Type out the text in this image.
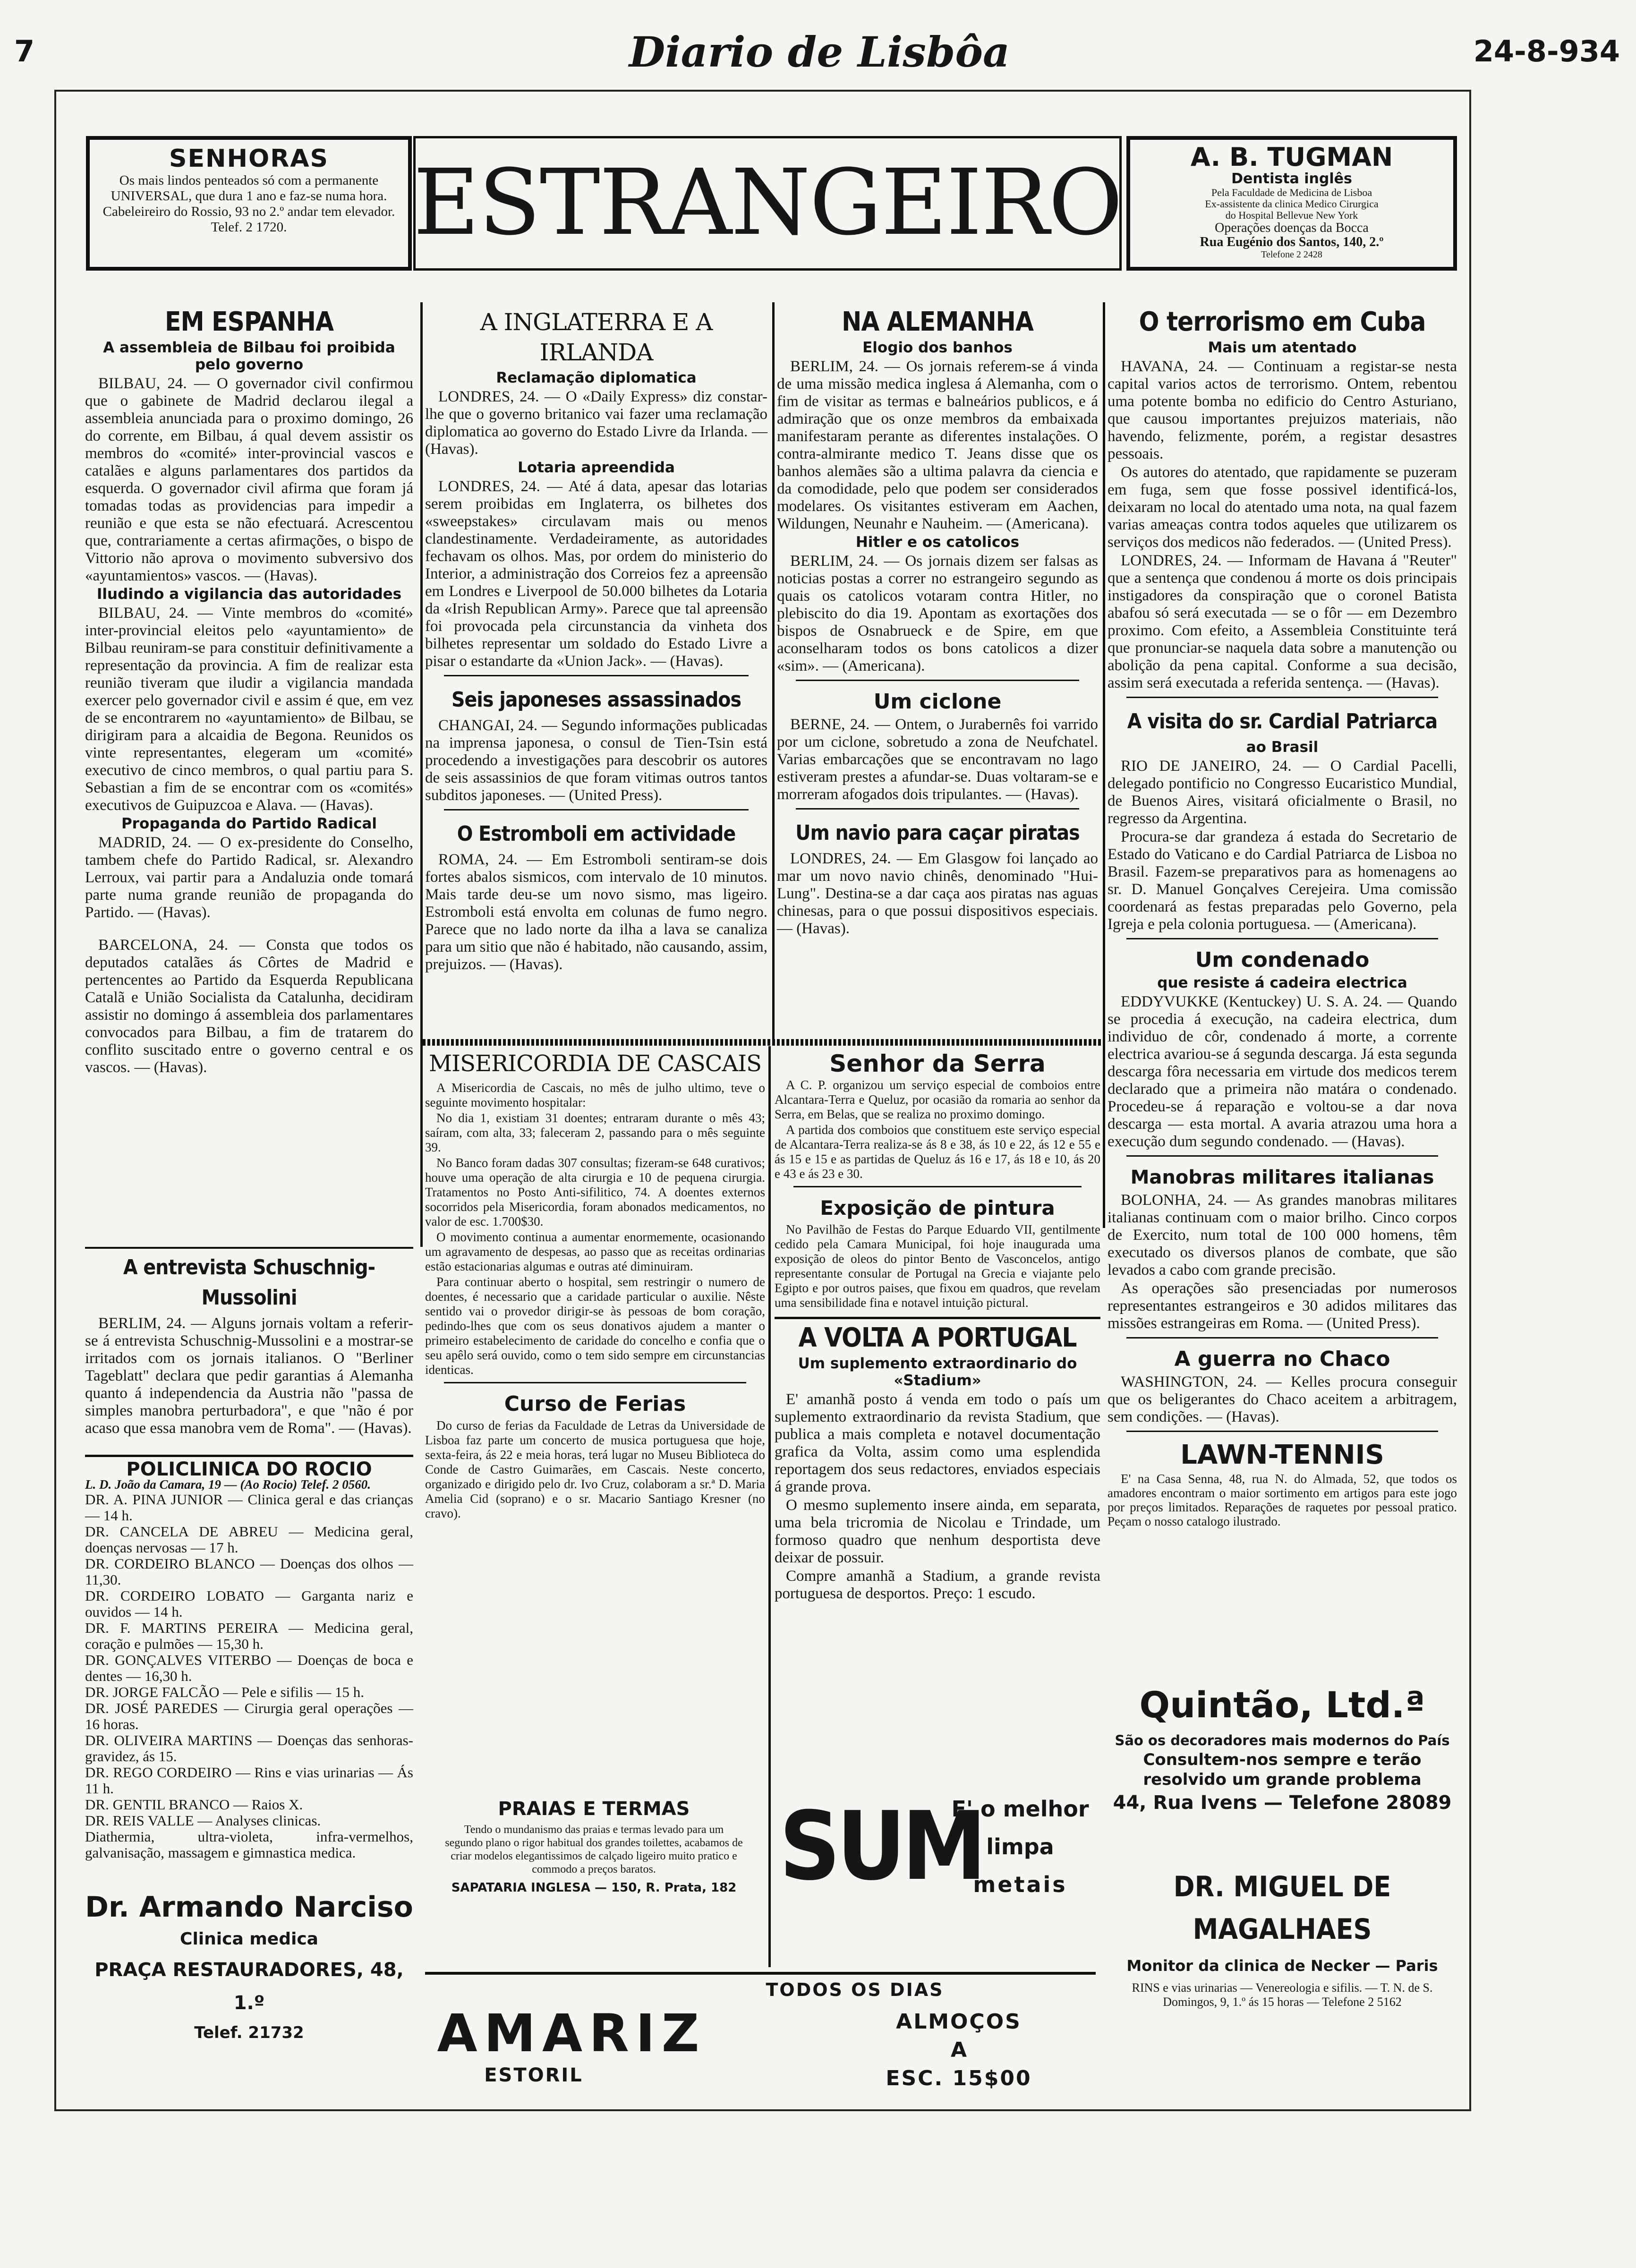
7	Diario de Lisbôa	24-8-934
SENHORAS
Os mais lindos penteados só com a permanente UNIVERSAL, que dura 1 ano e faz-se numa hora. Cabeleireiro do Rossio, 93 no 2.º andar tem elevador. Telef. 2 1720.	ESTRANGEIRO	A. B. TUGMAN
Dentista inglês
Pela Faculdade de Medicina de Lisboa
Ex-assistente da clinica Medico Cirurgica
do Hospital Bellevue New York
Operações doenças da Bocca
Rua Eugénio dos Santos, 140, 2.º
Telefone 2 2428
EM ESPANHA
A assembleia de Bilbau foi proibida pelo governo

BILBAU, 24. — O governador civil confirmou que o gabinete de Madrid declarou ilegal a assembleia anunciada para o proximo domingo, 26 do corrente, em Bilbau, á qual devem assistir os membros do «comité» inter-provincial vascos e catalães e alguns parlamentares dos partidos da esquerda. O governador civil afirma que foram já tomadas todas as providencias para impedir a reunião e que esta se não efectuará. Acrescentou que, contrariamente a certas afirmações, o bispo de Vittorio não aprova o movimento subversivo dos «ayuntamientos» vascos. — (Havas).

Iludindo a vigilancia das autoridades

BILBAU, 24. — Vinte membros do «comité» inter-provincial eleitos pelo «ayuntamiento» de Bilbau reuniram-se para constituir definitivamente a representação da provincia. A fim de realizar esta reunião tiveram que iludir a vigilancia mandada exercer pelo governador civil e assim é que, em vez de se encontrarem no «ayuntamiento» de Bilbau, se dirigiram para a alcaidia de Begona. Reunidos os vinte representantes, elegeram um «comité» executivo de cinco membros, o qual partiu para S. Sebastian a fim de se encontrar com os «comités» executivos de Guipuzcoa e Alava. — (Havas).

Propaganda do Partido Radical

MADRID, 24. — O ex-presidente do Conselho, tambem chefe do Partido Radical, sr. Alexandro Lerroux, vai partir para a Andaluzia onde tomará parte numa grande reunião de propaganda do Partido. — (Havas).

BARCELONA, 24. — Consta que todos os deputados catalães ás Côrtes de Madrid e pertencentes ao Partido da Esquerda Republicana Catalã e União Socialista da Catalunha, decidiram assistir no domingo á assembleia dos parlamentares convocados para Bilbau, a fim de tratarem do conflito suscitado entre o governo central e os vascos. — (Havas).

A entrevista Schuschnig-Mussolini

BERLIM, 24. — Alguns jornais voltam a referir-se á entrevista Schuschnig-Mussolini e a mostrar-se irritados com os jornais italianos. O "Berliner Tageblatt" declara que pedir garantias á Alemanha quanto á independencia da Austria não "passa de simples manobra perturbadora", e que "não é por acaso que essa manobra vem de Roma". — (Havas).

POLICLINICA DO ROCIO
L. D. João da Camara, 19 — (Ao Rocio) Telef. 2 0560.
DR. A. PINA JUNIOR — Clinica geral e das crianças — 14 h.
DR. CANCELA DE ABREU — Medicina geral, doenças nervosas — 17 h.
DR. CORDEIRO BLANCO — Doenças dos olhos — 11,30.
DR. CORDEIRO LOBATO — Garganta nariz e ouvidos — 14 h.
DR. F. MARTINS PEREIRA — Medicina geral, coração e pulmões — 15,30 h.
DR. GONÇALVES VITERBO — Doenças de boca e dentes — 16,30 h.
DR. JORGE FALCÃO — Pele e sifilis — 15 h.
DR. JOSÉ PAREDES — Cirurgia geral operações — 16 horas.
DR. OLIVEIRA MARTINS — Doenças das senhoras-gravidez, ás 15.
DR. REGO CORDEIRO — Rins e vias urinarias — Ás 11 h.
DR. GENTIL BRANCO — Raios X.
DR. REIS VALLE — Analyses clinicas.
Diathermia, ultra-violeta, infra-vermelhos, galvanisação, massagem e gimnastica medica.
Dr. Armando Narciso
Clinica medica
PRAÇA RESTAURADORES, 48, 1.º
Telef. 21732
A INGLATERRA E A IRLANDA
Reclamação diplomatica

LONDRES, 24. — O «Daily Express» diz constar-lhe que o governo britanico vai fazer uma reclamação diplomatica ao governo do Estado Livre da Irlanda. — (Havas).

Lotaria apreendida

LONDRES, 24. — Até á data, apesar das lotarias serem proibidas em Inglaterra, os bilhetes dos «sweepstakes» circulavam mais ou menos clandestinamente. Verdadeiramente, as autoridades fechavam os olhos. Mas, por ordem do ministerio do Interior, a administração dos Correios fez a apreensão em Londres e Liverpool de 50.000 bilhetes da Lotaria da «Irish Republican Army». Parece que tal apreensão foi provocada pela circunstancia da vinheta dos bilhetes representar um soldado do Estado Livre a pisar o estandarte da «Union Jack». — (Havas).

Seis japoneses assassinados

CHANGAI, 24. — Segundo informações publicadas na imprensa japonesa, o consul de Tien-Tsin está procedendo a investigações para descobrir os autores de seis assassinios de que foram vitimas outros tantos subditos japoneses. — (United Press).

O Estromboli em actividade

ROMA, 24. — Em Estromboli sentiram-se dois fortes abalos sismicos, com intervalo de 10 minutos. Mais tarde deu-se um novo sismo, mas ligeiro. Estromboli está envolta em colunas de fumo negro. Parece que no lado norte da ilha a lava se canaliza para um sitio que não é habitado, não causando, assim, prejuizos. — (Havas).

NA ALEMANHA
Elogio dos banhos

BERLIM, 24. — Os jornais referem-se á vinda de uma missão medica inglesa á Alemanha, com o fim de visitar as termas e balneários publicos, e á admiração que os onze membros da embaixada manifestaram perante as diferentes instalações. O contra-almirante medico T. Jeans disse que os banhos alemães são a ultima palavra da ciencia e da comodidade, pelo que podem ser considerados modelares. Os visitantes estiveram em Aachen, Wildungen, Neunahr e Nauheim. — (Americana).

Hitler e os catolicos

BERLIM, 24. — Os jornais dizem ser falsas as noticias postas a correr no estrangeiro segundo as quais os catolicos votaram contra Hitler, no plebiscito do dia 19. Apontam as exortações dos bispos de Osnabrueck e de Spire, em que aconselharam todos os bons catolicos a dizer «sim». — (Americana).

Um ciclone

BERNE, 24. — Ontem, o Jurabernês foi varrido por um ciclone, sobretudo a zona de Neufchatel. Varias embarcações que se encontravam no lago estiveram prestes a afundar-se. Duas voltaram-se e morreram afogados dois tripulantes. — (Havas).

Um navio para caçar piratas

LONDRES, 24. — Em Glasgow foi lançado ao mar um novo navio chinês, denominado "Hui-Lung". Destina-se a dar caça aos piratas nas aguas chinesas, para o que possui dispositivos especiais. — (Havas).

O terrorismo em Cuba
Mais um atentado

HAVANA, 24. — Continuam a registar-se nesta capital varios actos de terrorismo. Ontem, rebentou uma potente bomba no edificio do Centro Asturiano, que causou importantes prejuizos materiais, não havendo, felizmente, porém, a registar desastres pessoais.

Os autores do atentado, que rapidamente se puzeram em fuga, sem que fosse possivel identificá-los, deixaram no local do atentado uma nota, na qual fazem varias ameaças contra todos aqueles que utilizarem os serviços dos medicos não federados. — (United Press).

LONDRES, 24. — Informam de Havana á "Reuter" que a sentença que condenou á morte os dois principais instigadores da conspiração que o coronel Batista abafou só será executada — se o fôr — em Dezembro proximo. Com efeito, a Assembleia Constituinte terá que pronunciar-se naquela data sobre a manutenção ou abolição da pena capital. Conforme a sua decisão, assim será executada a referida sentença. — (Havas).

A visita do sr. Cardial Patriarca
ao Brasil

RIO DE JANEIRO, 24. — O Cardial Pacelli, delegado pontificio no Congresso Eucaristico Mundial, de Buenos Aires, visitará oficialmente o Brasil, no regresso da Argentina.

Procura-se dar grandeza á estada do Secretario de Estado do Vaticano e do Cardial Patriarca de Lisboa no Brasil. Fazem-se preparativos para as homenagens ao sr. D. Manuel Gonçalves Cerejeira. Uma comissão coordenará as festas preparadas pelo Governo, pela Igreja e pela colonia portuguesa. — (Americana).

Um condenado
que resiste á cadeira electrica

EDDYVUKKE (Kentuckey) U. S. A. 24. — Quando se procedia á execução, na cadeira electrica, dum individuo de côr, condenado á morte, a corrente electrica avariou-se á segunda descarga. Já esta segunda descarga fôra necessaria em virtude dos medicos terem declarado que a primeira não matára o condenado. Procedeu-se á reparação e voltou-se a dar nova descarga — esta mortal. A avaria atrazou uma hora a execução dum segundo condenado. — (Havas).

Manobras militares italianas

BOLONHA, 24. — As grandes manobras militares italianas continuam com o maior brilho. Cinco corpos de Exercito, num total de 100 000 homens, têm executado os diversos planos de combate, que são levados a cabo com grande precisão.

As operações são presenciadas por numerosos representantes estrangeiros e 30 adidos militares das missões estrangeiras em Roma. — (United Press).

A guerra no Chaco

WASHINGTON, 24. — Kelles procura conseguir que os beligerantes do Chaco aceitem a arbitragem, sem condições. — (Havas).

LAWN-TENNIS

E' na Casa Senna, 48, rua N. do Almada, 52, que todos os amadores encontram o maior sortimento em artigos para este jogo por preços limitados. Reparações de raquetes por pessoal pratico. Peçam o nosso catalogo ilustrado.

MISERICORDIA DE CASCAIS

A Misericordia de Cascais, no mês de julho ultimo, teve o seguinte movimento hospitalar:

No dia 1, existiam 31 doentes; entraram durante o mês 43; saíram, com alta, 33; faleceram 2, passando para o mês seguinte 39.

No Banco foram dadas 307 consultas; fizeram-se 648 curativos; houve uma operação de alta cirurgia e 10 de pequena cirurgia. Tratamentos no Posto Anti-sifilitico, 74. A doentes externos socorridos pela Misericordia, foram abonados medicamentos, no valor de esc. 1.700$30.

O movimento continua a aumentar enormemente, ocasionando um agravamento de despesas, ao passo que as receitas ordinarias estão estacionarias algumas e outras até diminuiram.

Para continuar aberto o hospital, sem restringir o numero de doentes, é necessario que a caridade particular o auxilie. Nêste sentido vai o provedor dirigir-se às pessoas de bom coração, pedindo-lhes que com os seus donativos ajudem a manter o primeiro estabelecimento de caridade do concelho e confia que o seu apêlo será ouvido, como o tem sido sempre em circunstancias identicas.

Curso de Ferias

Do curso de ferias da Faculdade de Letras da Universidade de Lisboa faz parte um concerto de musica portuguesa que hoje, sexta-feira, ás 22 e meia horas, terá lugar no Museu Biblioteca do Conde de Castro Guimarães, em Cascais. Neste concerto, organizado e dirigido pelo dr. Ivo Cruz, colaboram a sr.ª D. Maria Amelia Cid (soprano) e o sr. Macario Santiago Kresner (no cravo).

Senhor da Serra

A C. P. organizou um serviço especial de comboios entre Alcantara-Terra e Queluz, por ocasião da romaria ao senhor da Serra, em Belas, que se realiza no proximo domingo.

A partida dos comboios que constituem este serviço especial de Alcantara-Terra realiza-se ás 8 e 38, ás 10 e 22, ás 12 e 55 e ás 15 e 15 e as partidas de Queluz ás 16 e 17, ás 18 e 10, ás 20 e 43 e ás 23 e 30.

Exposição de pintura

No Pavilhão de Festas do Parque Eduardo VII, gentilmente cedido pela Camara Municipal, foi hoje inaugurada uma exposição de oleos do pintor Bento de Vasconcelos, antigo representante consular de Portugal na Grecia e viajante pelo Egipto e por outros paises, que fixou em quadros, que revelam uma sensibilidade fina e notavel intuição pictural.

A VOLTA A PORTUGAL
Um suplemento extraordinario do «Stadium»

E' amanhã posto á venda em todo o país um suplemento extraordinario da revista Stadium, que publica a mais completa e notavel documentação grafica da Volta, assim como uma esplendida reportagem dos seus redactores, enviados especiais á grande prova.

O mesmo suplemento insere ainda, em separata, uma bela tricromia de Nicolau e Trindade, um formoso quadro que nenhum desportista deve deixar de possuir.

Compre amanhã a Stadium, a grande revista portuguesa de desportos. Preço: 1 escudo.

PRAIAS E TERMAS
Tendo o mundanismo das praias e termas levado para um segundo plano o rigor habitual dos grandes toilettes, acabamos de criar modelos elegantissimos de calçado ligeiro muito pratico e commodo a preços baratos.
SAPATARIA INGLESA — 150, R. Prata, 182 SUM
E' o melhor
limpa
metais
TODOS OS DIAS
AMARIZ
ESTORIL
ALMOÇOS
A
ESC. 15$00
Quintão, Ltd.ª
São os decoradores mais modernos do País
Consultem-nos sempre e terão resolvido um grande problema
44, Rua Ivens — Telefone 28089
DR. MIGUEL DE MAGALHAES
Monitor da clinica de Necker — Paris
RINS e vias urinarias — Venereologia e sifilis. — T. N. de S. Domingos, 9, 1.º ás 15 horas — Telefone 2 5162
